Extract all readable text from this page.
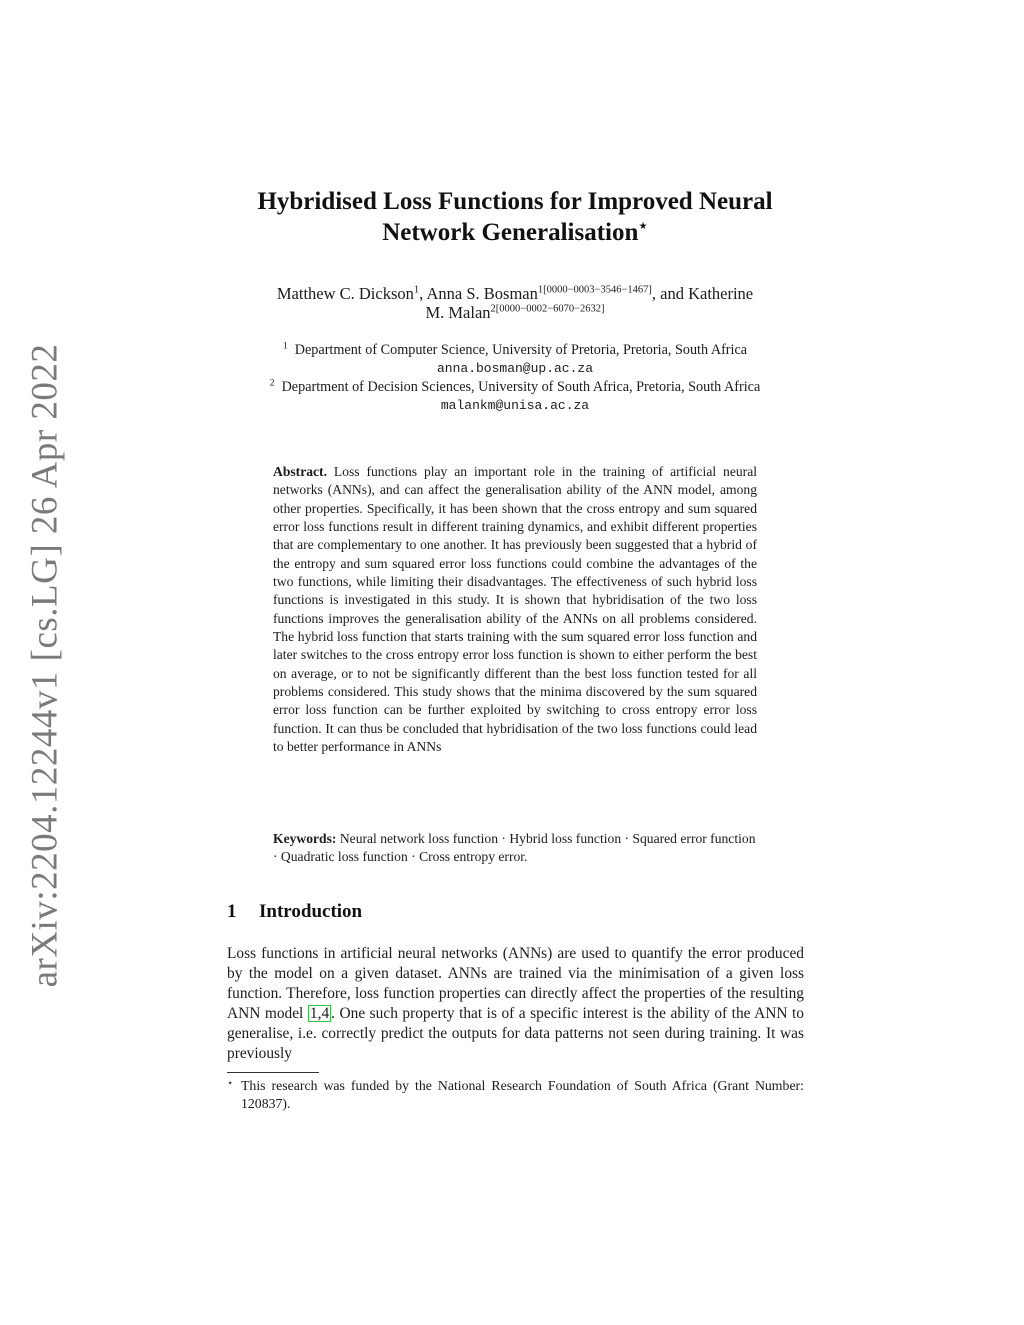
arXiv:2204.12244v1 [cs.LG] 26 Apr 2022
Hybridised Loss Functions for Improved Neural
Network Generalisation⋆
Matthew C. Dickson$^1$, Anna S. Bosman$^{1[0000-0003-3546-1467]}$, and Katherine
M. Malan$^{2[0000-0002-6070-2632]}$
$^1$ Department of Computer Science, University of Pretoria, Pretoria, South Africa
anna.bosman@up.ac.za
$^2$ Department of Decision Sciences, University of South Africa, Pretoria, South Africa
malankm@unisa.ac.za
Abstract. Loss functions play an important role in the training of artificial neural networks (ANNs), and can affect the generalisation ability of the ANN model, among other properties. Specifically, it has been shown that the cross entropy and sum squared error loss functions result in different training dynamics, and exhibit different properties that are complementary to one another. It has previously been suggested that a hybrid of the entropy and sum squared error loss functions could combine the advantages of the two functions, while limiting their disadvantages. The effectiveness of such hybrid loss functions is investigated in this study. It is shown that hybridisation of the two loss functions improves the generalisation ability of the ANNs on all problems considered. The hybrid loss function that starts training with the sum squared error loss function and later switches to the cross entropy error loss function is shown to either perform the best on average, or to not be significantly different than the best loss function tested for all problems considered. This study shows that the minima discovered by the sum squared error loss function can be further exploited by switching to cross entropy error loss function. It can thus be concluded that hybridisation of the two loss functions could lead to better performance in ANNs
Keywords: Neural network loss function · Hybrid loss function · Squared error function · Quadratic loss function · Cross entropy error.
1 Introduction
Loss functions in artificial neural networks (ANNs) are used to quantify the error produced by the model on a given dataset. ANNs are trained via the minimisation of a given loss function. Therefore, loss function properties can directly affect the properties of the resulting ANN model 1,4 . One such property that is of a specific interest is the ability of the ANN to generalise, i.e. correctly predict the outputs for data patterns not seen during training. It was previously
⋆ This research was funded by the National Research Foundation of South Africa (Grant Number: 120837).
